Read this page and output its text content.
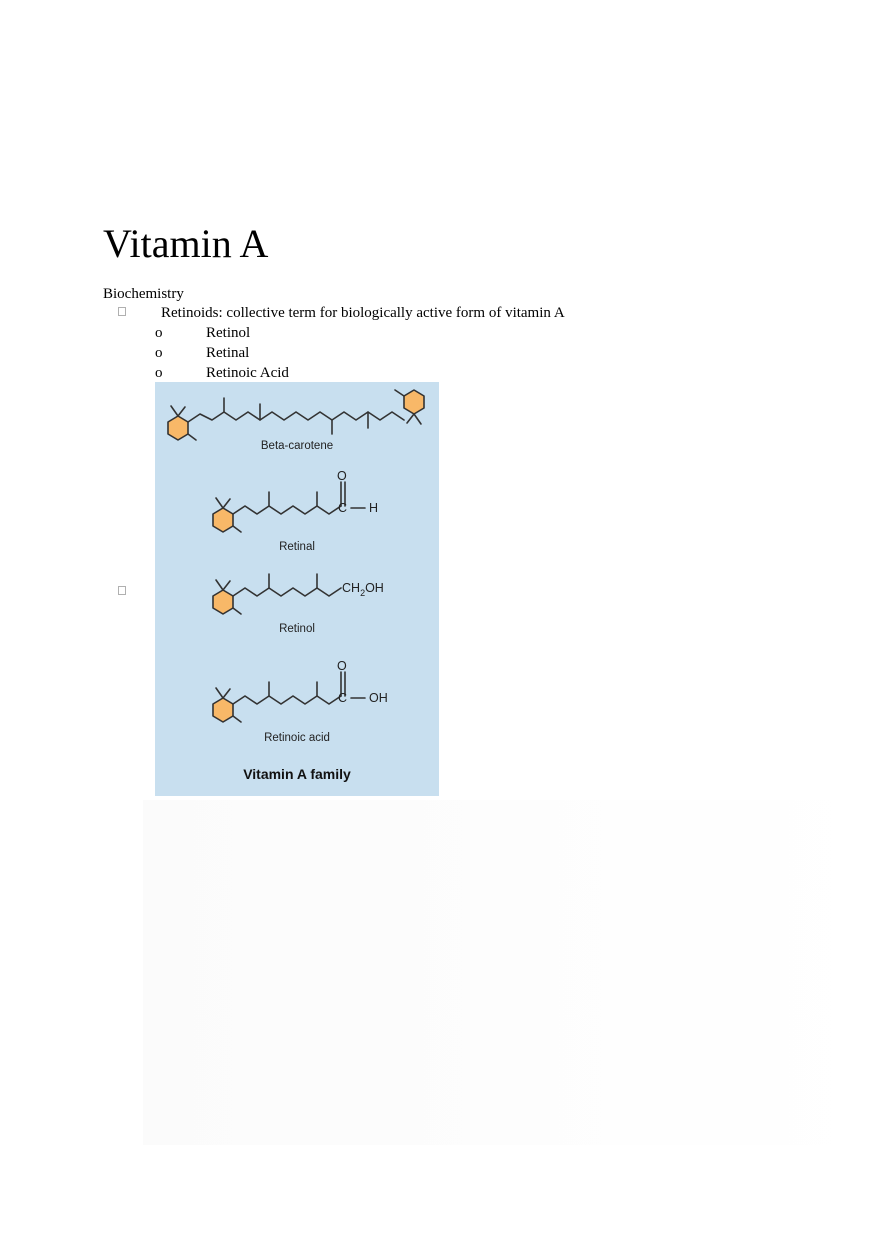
Vitamin A
Biochemistry
Retinoids: collective term for biologically active form of vitamin A
o	Retinol
o	Retinal
o	Retinoic Acid
O
C H
$CH_2OH$
O
C OH
Beta-carotene
Retinal
Retinol
Retinoic acid
Vitamin A family
